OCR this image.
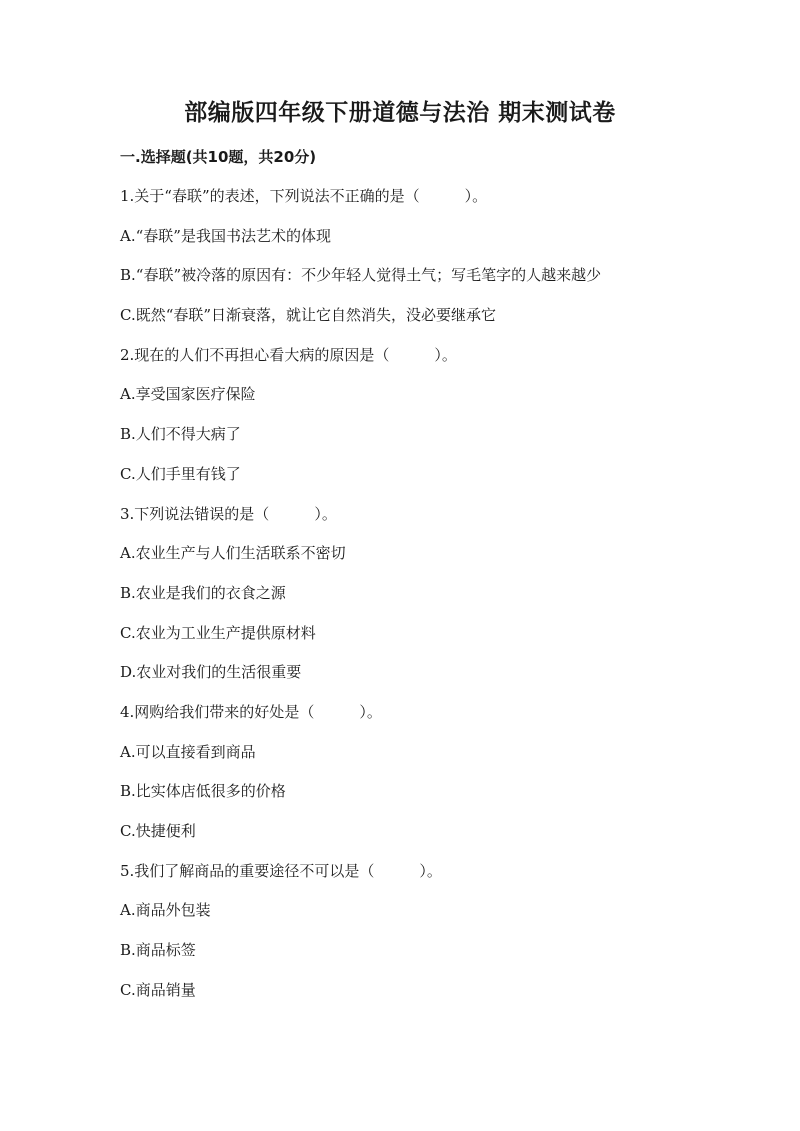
部编版四年级下册道德与法治 期末测试卷
一.选择题(共10题，共20分)
1.关于“春联”的表述，下列说法不正确的是（　　　）。
A.“春联”是我国书法艺术的体现
B.“春联”被冷落的原因有：不少年轻人觉得土气；写毛笔字的人越来越少
C.既然“春联”日渐衰落，就让它自然消失，没必要继承它
2.现在的人们不再担心看大病的原因是（　　　）。
A.享受国家医疗保险
B.人们不得大病了
C.人们手里有钱了
3.下列说法错误的是（　　　）。
A.农业生产与人们生活联系不密切
B.农业是我们的衣食之源
C.农业为工业生产提供原材料
D.农业对我们的生活很重要
4.网购给我们带来的好处是（　　　）。
A.可以直接看到商品
B.比实体店低很多的价格
C.快捷便利
5.我们了解商品的重要途径不可以是（　　　）。
A.商品外包装
B.商品标签
C.商品销量
